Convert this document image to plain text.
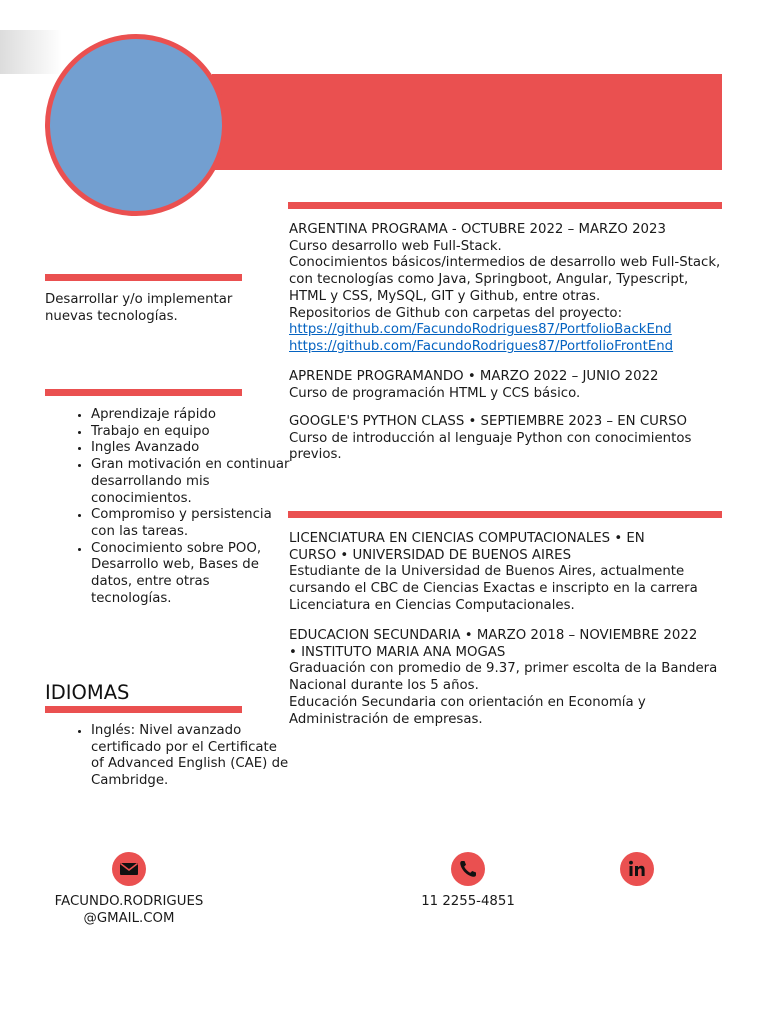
Desarrollar y/o implementar nuevas tecnologías.

• Aprendizaje rápido
• Trabajo en equipo
• Ingles Avanzado
• Gran motivación en continuar desarrollando mis conocimientos.
• Compromiso y persistencia con las tareas.
• Conocimiento sobre POO, Desarrollo web, Bases de datos, entre otras tecnologías.
IDIOMAS
• Inglés: Nivel avanzado certificado por el Certificate of Advanced English (CAE) de Cambridge.

ARGENTINA PROGRAMA - OCTUBRE 2022 – MARZO 2023

Curso desarrollo web Full-Stack.

Conocimientos básicos/intermedios de desarrollo web Full-Stack, con tecnologías como Java, Springboot, Angular, Typescript, HTML y CSS, MySQL, GIT y Github, entre otras.

Repositorios de Github con carpetas del proyecto:

https://github.com/FacundoRodrigues87/PortfolioBackEnd

https://github.com/FacundoRodrigues87/PortfolioFrontEnd

APRENDE PROGRAMANDO • MARZO 2022 – JUNIO 2022

Curso de programación HTML y CCS básico.

GOOGLE'S PYTHON CLASS • SEPTIEMBRE 2023 – EN CURSO

Curso de introducción al lenguaje Python con conocimientos previos.

LICENCIATURA EN CIENCIAS COMPUTACIONALES • EN CURSO • UNIVERSIDAD DE BUENOS AIRES

Estudiante de la Universidad de Buenos Aires, actualmente cursando el CBC de Ciencias Exactas e inscripto en la carrera Licenciatura en Ciencias Computacionales.

EDUCACION SECUNDARIA • MARZO 2018 – NOVIEMBRE 2022 • INSTITUTO MARIA ANA MOGAS

Graduación con promedio de 9.37, primer escolta de la Bandera Nacional durante los 5 años.

Educación Secundaria con orientación en Economía y Administración de empresas.

FACUNDO.RODRIGUES@GMAIL.COM

11 2255-4851
